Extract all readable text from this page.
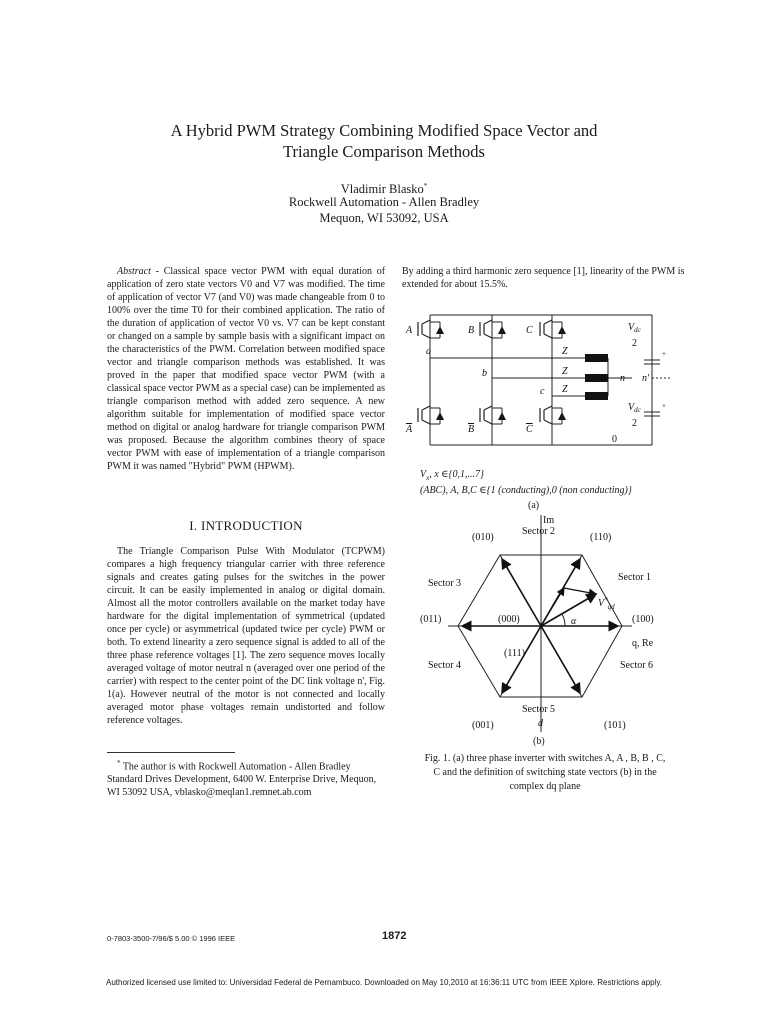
A Hybrid PWM Strategy Combining Modified Space Vector and
Triangle Comparison Methods
Vladimir Blasko*
Rockwell Automation - Allen Bradley
Mequon, WI 53092, USA

Abstract - Classical space vector PWM with equal duration of application of zero state vectors V0 and V7 was modified. The time of application of vector V7 (and V0) was made changeable from 0 to 100% over the time T0 for their combined application. The ratio of the duration of application of vector V0 vs. V7 can be kept constant or changed on a sample by sample basis with a significant impact on the characteristics of the PWM. Correlation between modified space vector and triangle comparison methods was established. It was proved in the paper that modified space vector PWM (with a classical space vector PWM as a special case) can be implemented as triangle comparison method with added zero sequence. A new algorithm suitable for implementation of modified space vector method on digital or analog hardware for triangle comparison PWM was proposed. Because the algorithm combines theory of space vector PWM with ease of implementation of a triangle comparison PWM it was named "Hybrid" PWM (HPWM).

I. INTRODUCTION

The Triangle Comparison Pulse With Modulator (TCPWM) compares a high frequency triangular carrier with three reference signals and creates gating pulses for the switches in the power circuit. It can be easily implemented in analog or digital domain. Almost all the motor controllers available on the market today have hardware for the digital implementation of symmetrical (updated once per cycle) or asymmetrical (updated twice per cycle) PWM or both. To extend linearity a zero sequence signal is added to all of the three phase reference voltages [1]. The zero sequence moves locally averaged voltage of motor neutral n (averaged over one period of the carrier) with respect to the center point of the DC link voltage n', Fig. 1(a). However neutral of the motor is not connected and locally averaged motor phase voltages remain undistorted and follow reference voltages.

* The author is with Rockwell Automation - Allen Bradley Standard Drives Development, 6400 W. Enterprise Drive, Mequon, WI 53092 USA, vblasko@meqlan1.remnet.ab.com

By adding a third harmonic zero sequence [1], linearity of the PWM is extended for about 15.5%.
A	B	C
A	B	C
a
b
c
Z
Z
Z
n n'
$V_{dc}$
2
$V_{dc}$
2
0
+
+
$V_x$, x ∈{0,1,...7}
(ABC), A, B,C ∈{1 (conducting),0 (non conducting)}
(a)
Im
q, Re
d
Sector 2
Sector 1
Sector 3
Sector 4	Sector 6
Sector 5
(010)	(110)
(011)	(100)
(001)	(101)
(000)
(111)
α
$V^*_{qd}$
(b)
Fig. 1. (a) three phase inverter with switches A, A , B, B , C,
C and the definition of switching state vectors (b) in the
complex dq plane
0-7803-3500-7/96/$ 5.00 © 1996 IEEE	1872
Authorized licensed use limited to: Universidad Federal de Pernambuco. Downloaded on May 10,2010 at 16:36:11 UTC from IEEE Xplore. Restrictions apply.
